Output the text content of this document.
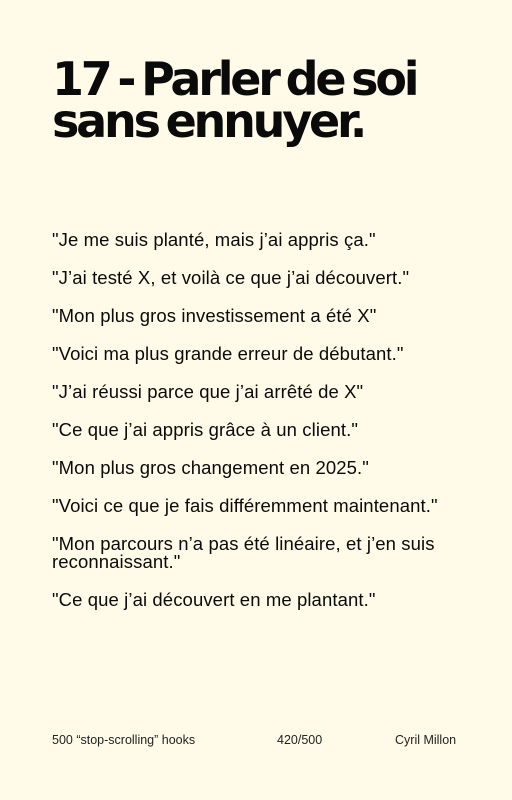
17 - Parler de soi
sans ennuyer.
"Je me suis planté, mais j’ai appris ça."
"J’ai testé X, et voilà ce que j’ai découvert."
"Mon plus gros investissement a été X"
"Voici ma plus grande erreur de débutant."
"J’ai réussi parce que j’ai arrêté de X"
"Ce que j’ai appris grâce à un client."
"Mon plus gros changement en 2025."
"Voici ce que je fais différemment maintenant."
"Mon parcours n’a pas été linéaire, et j’en suis reconnaissant."
"Ce que j’ai découvert en me plantant."
500 “stop-scrolling” hooks	420/500	Cyril Millon
